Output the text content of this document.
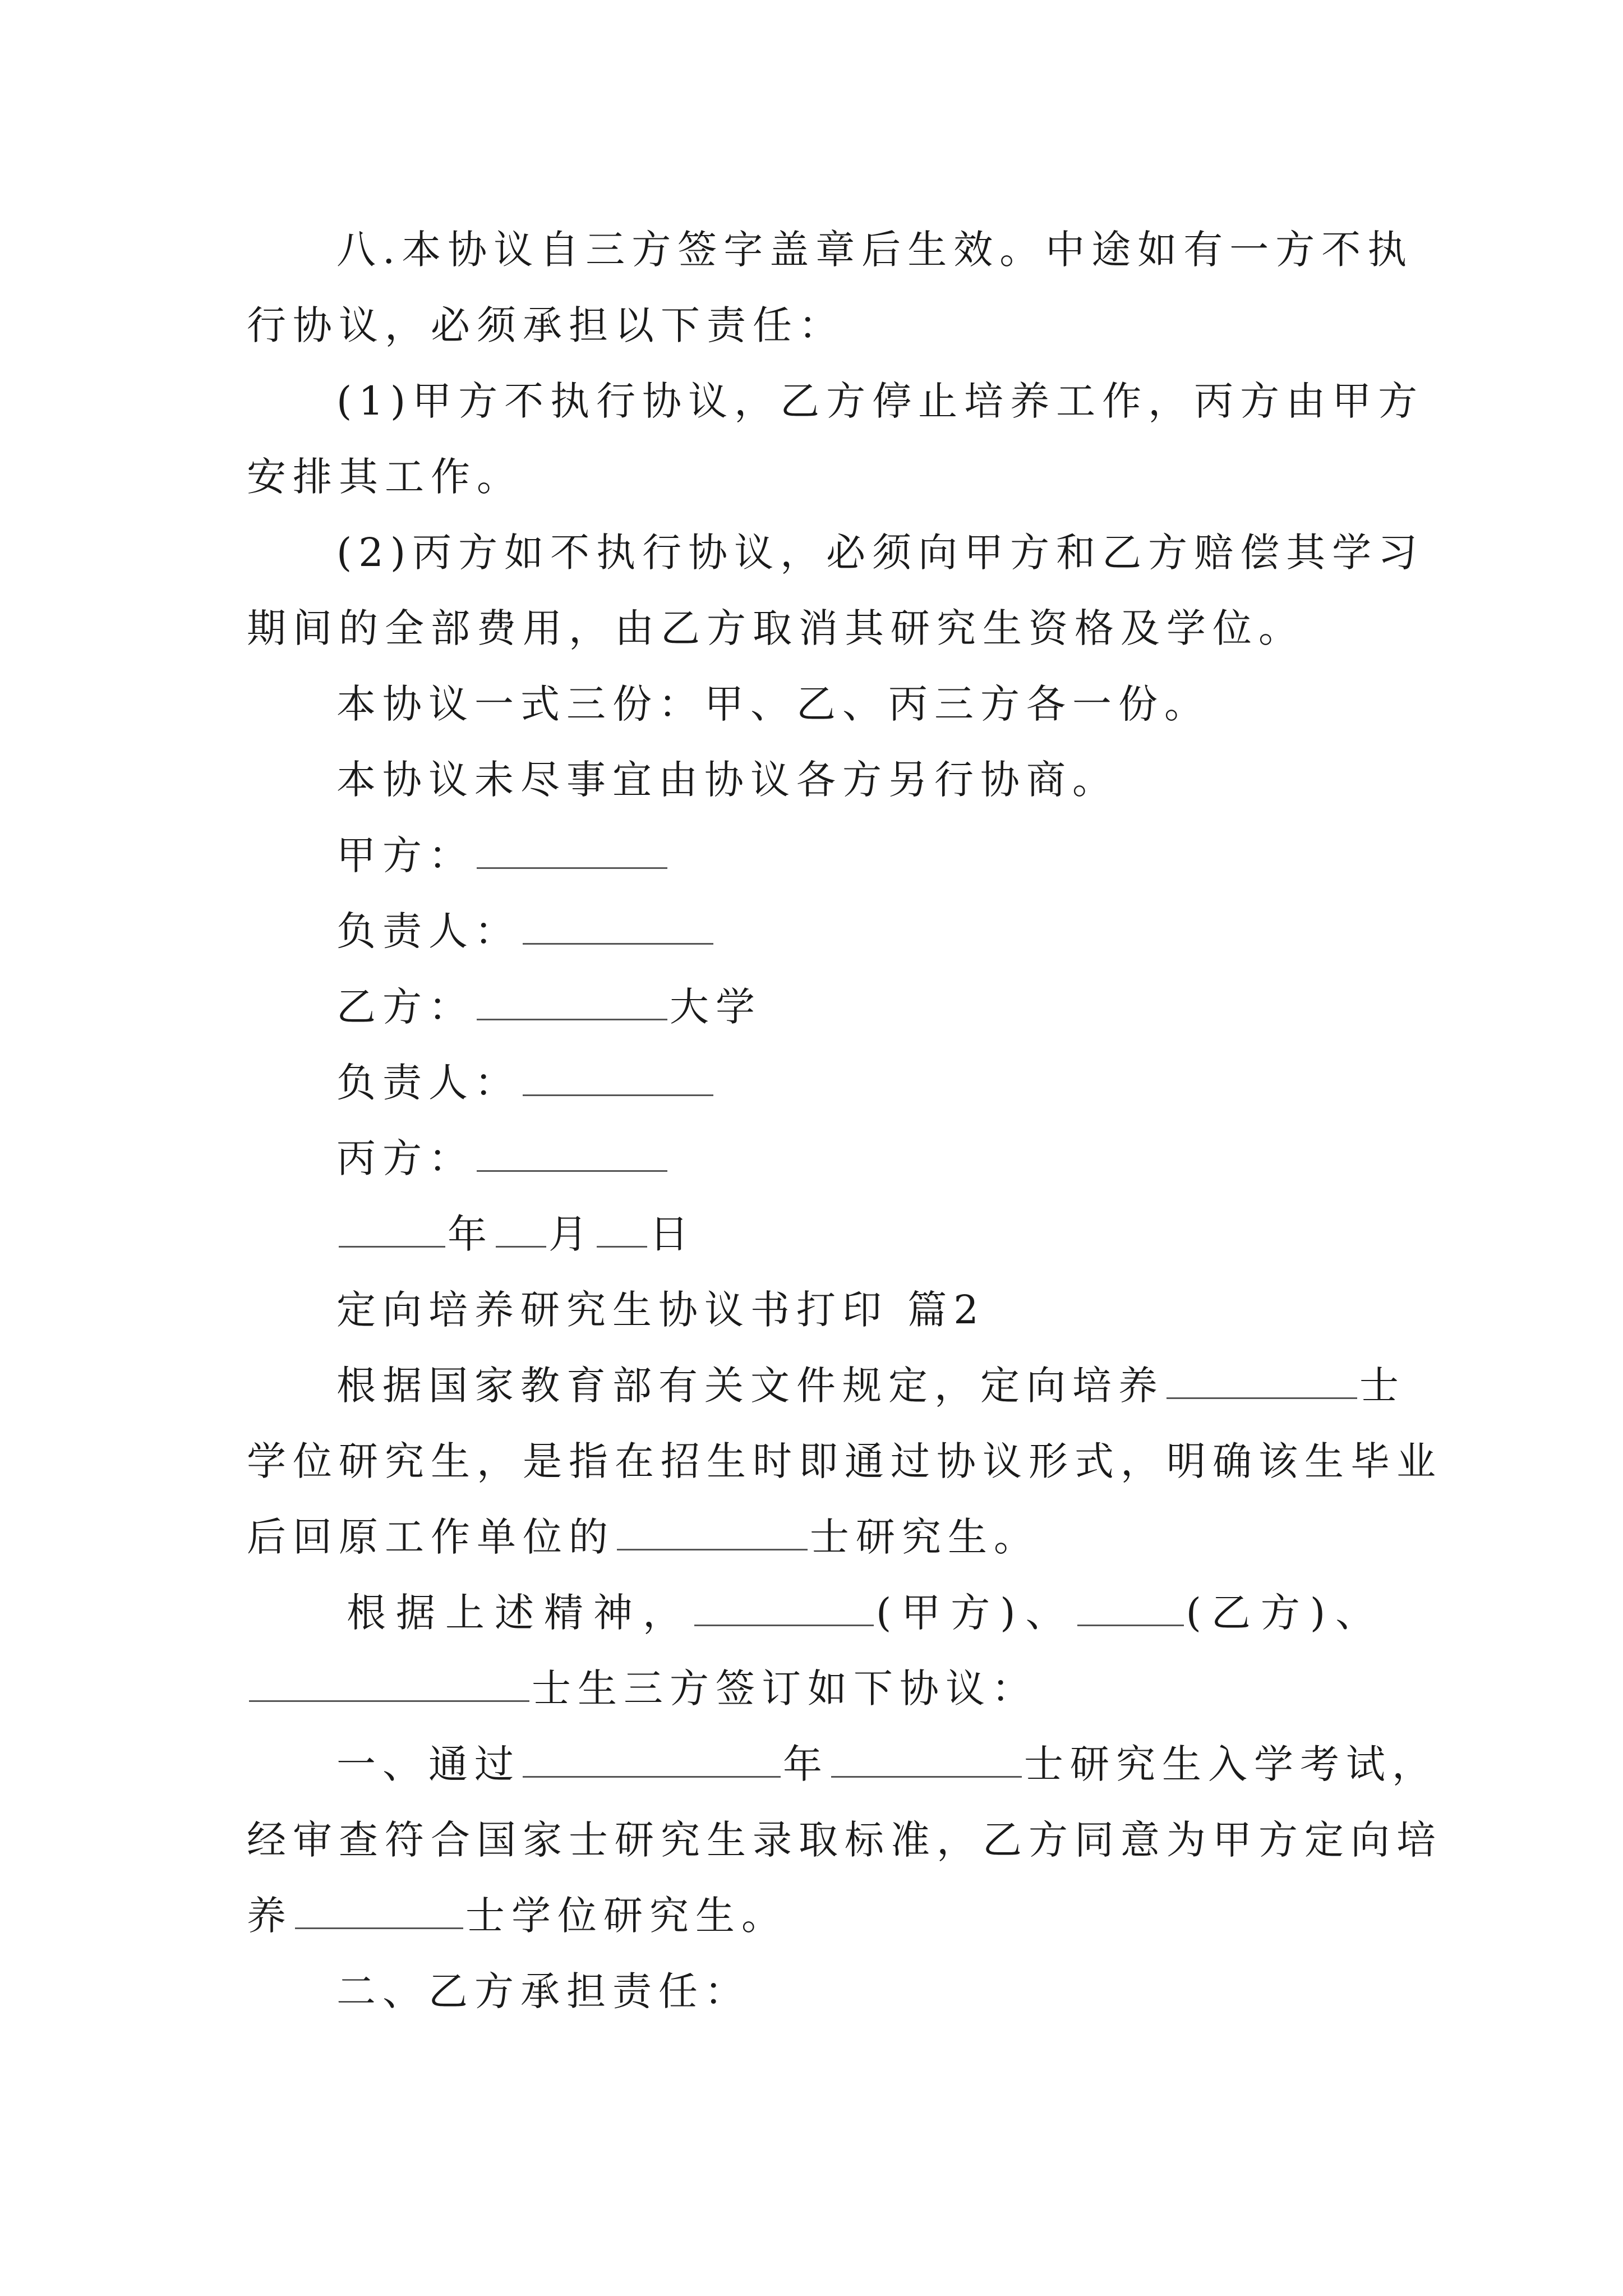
八.本协议自三方签字盖章后生效。中途如有一方不执
行协议，必须承担以下责任：
(1)甲方不执行协议，乙方停止培养工作，丙方由甲方
安排其工作。
(2)丙方如不执行协议，必须向甲方和乙方赔偿其学习
期间的全部费用，由乙方取消其研究生资格及学位。
本协议一式三份：甲、乙、丙三方各一份。
本协议未尽事宜由协议各方另行协商。
甲方：
负责人：
乙方：	大学
负责人：
丙方：
年 月 日
定向培养研究生协议书打印 篇2
根据国家教育部有关文件规定，定向培养	士
学位研究生，是指在招生时即通过协议形式，明确该生毕业
后回原工作单位的	士研究生。
根据上述精神，	(甲方)、	(乙方)、
士生三方签订如下协议：
一、通过	年	士研究生入学考试，
经审查符合国家士研究生录取标准，乙方同意为甲方定向培
养	士学位研究生。
二、乙方承担责任：
